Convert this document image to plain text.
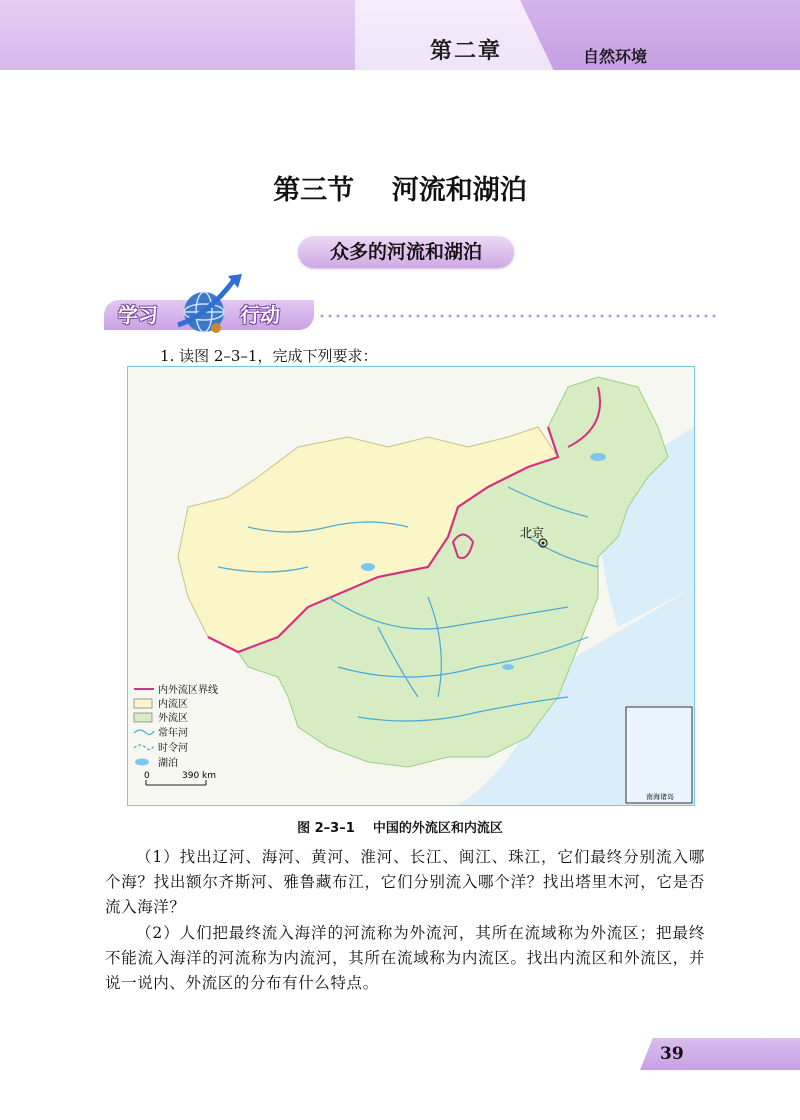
第二章	自然环境
第三节    河流和湖泊
众多的河流和湖泊
学习	行动
1. 读图 2–3–1，完成下列要求：
北京
南海诸岛
内外流区界线
内流区
外流区
常年河
时令河
湖泊
0	390 km
图 2–3–1    中国的外流区和内流区
（1）找出辽河、海河、黄河、淮河、长江、闽江、珠江，它们最终分别流入哪个海？找出额尔齐斯河、雅鲁藏布江，它们分别流入哪个洋？找出塔里木河，它是否流入海洋？
（2）人们把最终流入海洋的河流称为外流河，其所在流域称为外流区；把最终不能流入海洋的河流称为内流河，其所在流域称为内流区。找出内流区和外流区，并说一说内、外流区的分布有什么特点。
39
